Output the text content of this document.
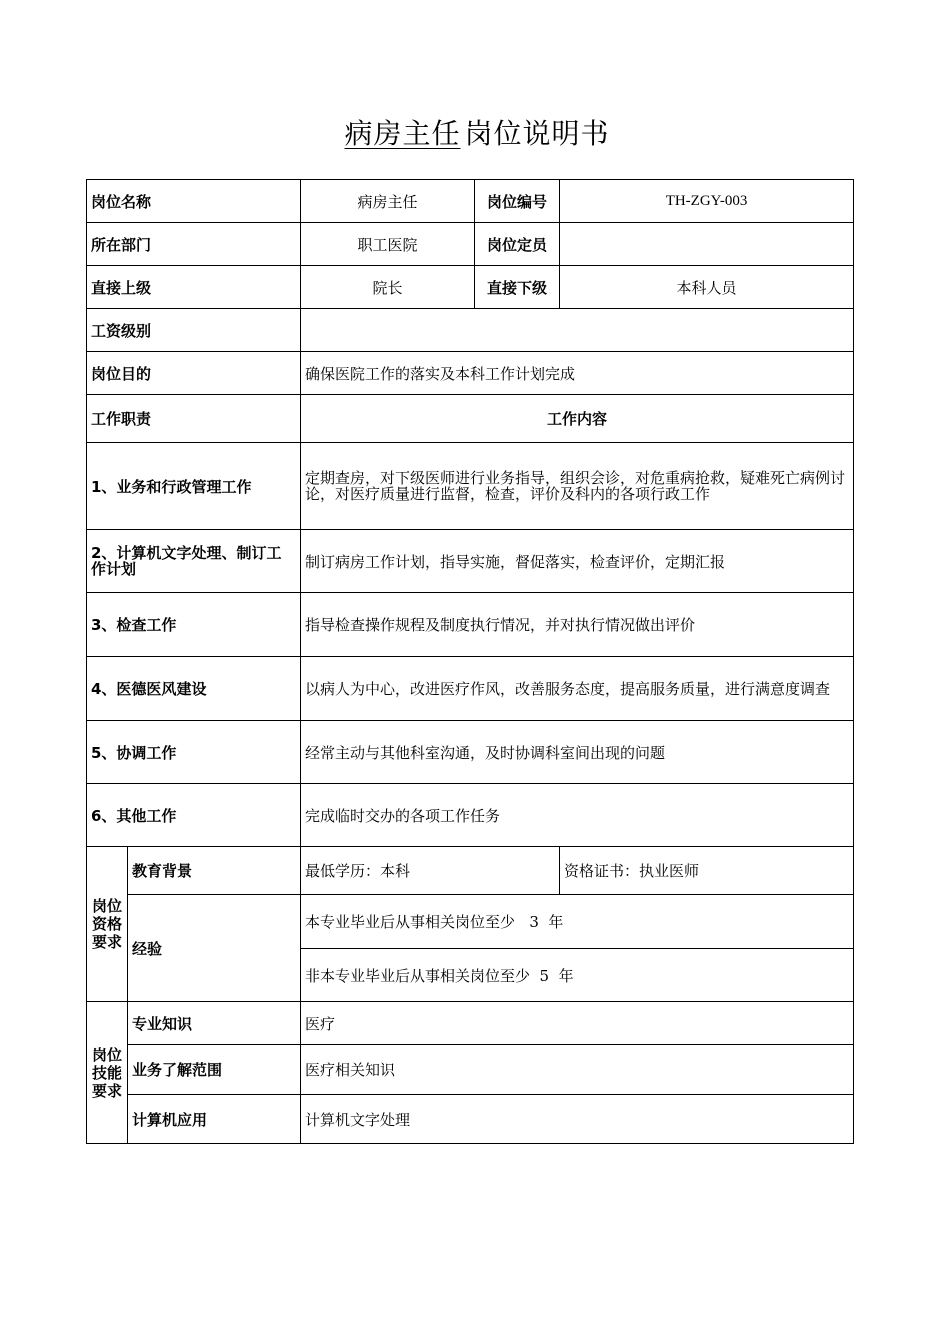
病房主任 岗位说明书
岗位名称		病房主任	岗位编号	TH-ZGY-003
所在部门		职工医院	岗位定员	
直接上级		院长	直接下级	本科人员
工资级别				
岗位目的		确保医院工作的落实及本科工作计划完成		
工作职责		工作内容		
1、业务和行政管理工作		定期查房，对下级医师进行业务指导，组织会诊，对危重病抢救，疑难死亡病例讨论，对医疗质量进行监督，检查，评价及科内的各项行政工作		
2、计算机文字处理、制订工作计划		制订病房工作计划，指导实施，督促落实，检查评价，定期汇报		
3、检查工作		指导检查操作规程及制度执行情况，并对执行情况做出评价		
4、医德医风建设		以病人为中心，改进医疗作风，改善服务态度，提高服务质量，进行满意度调查		
5、协调工作		经常主动与其他科室沟通，及时协调科室间出现的问题		
6、其他工作		完成临时交办的各项工作任务		
岗位资格要求	教育背景	最低学历：本科		资格证书：执业医师
	经验	本专业毕业后从事相关岗位至少   3  年		
		非本专业毕业后从事相关岗位至少  5  年		
岗位技能要求	专业知识	医疗		
	业务了解范围	医疗相关知识		
	计算机应用	计算机文字处理		
